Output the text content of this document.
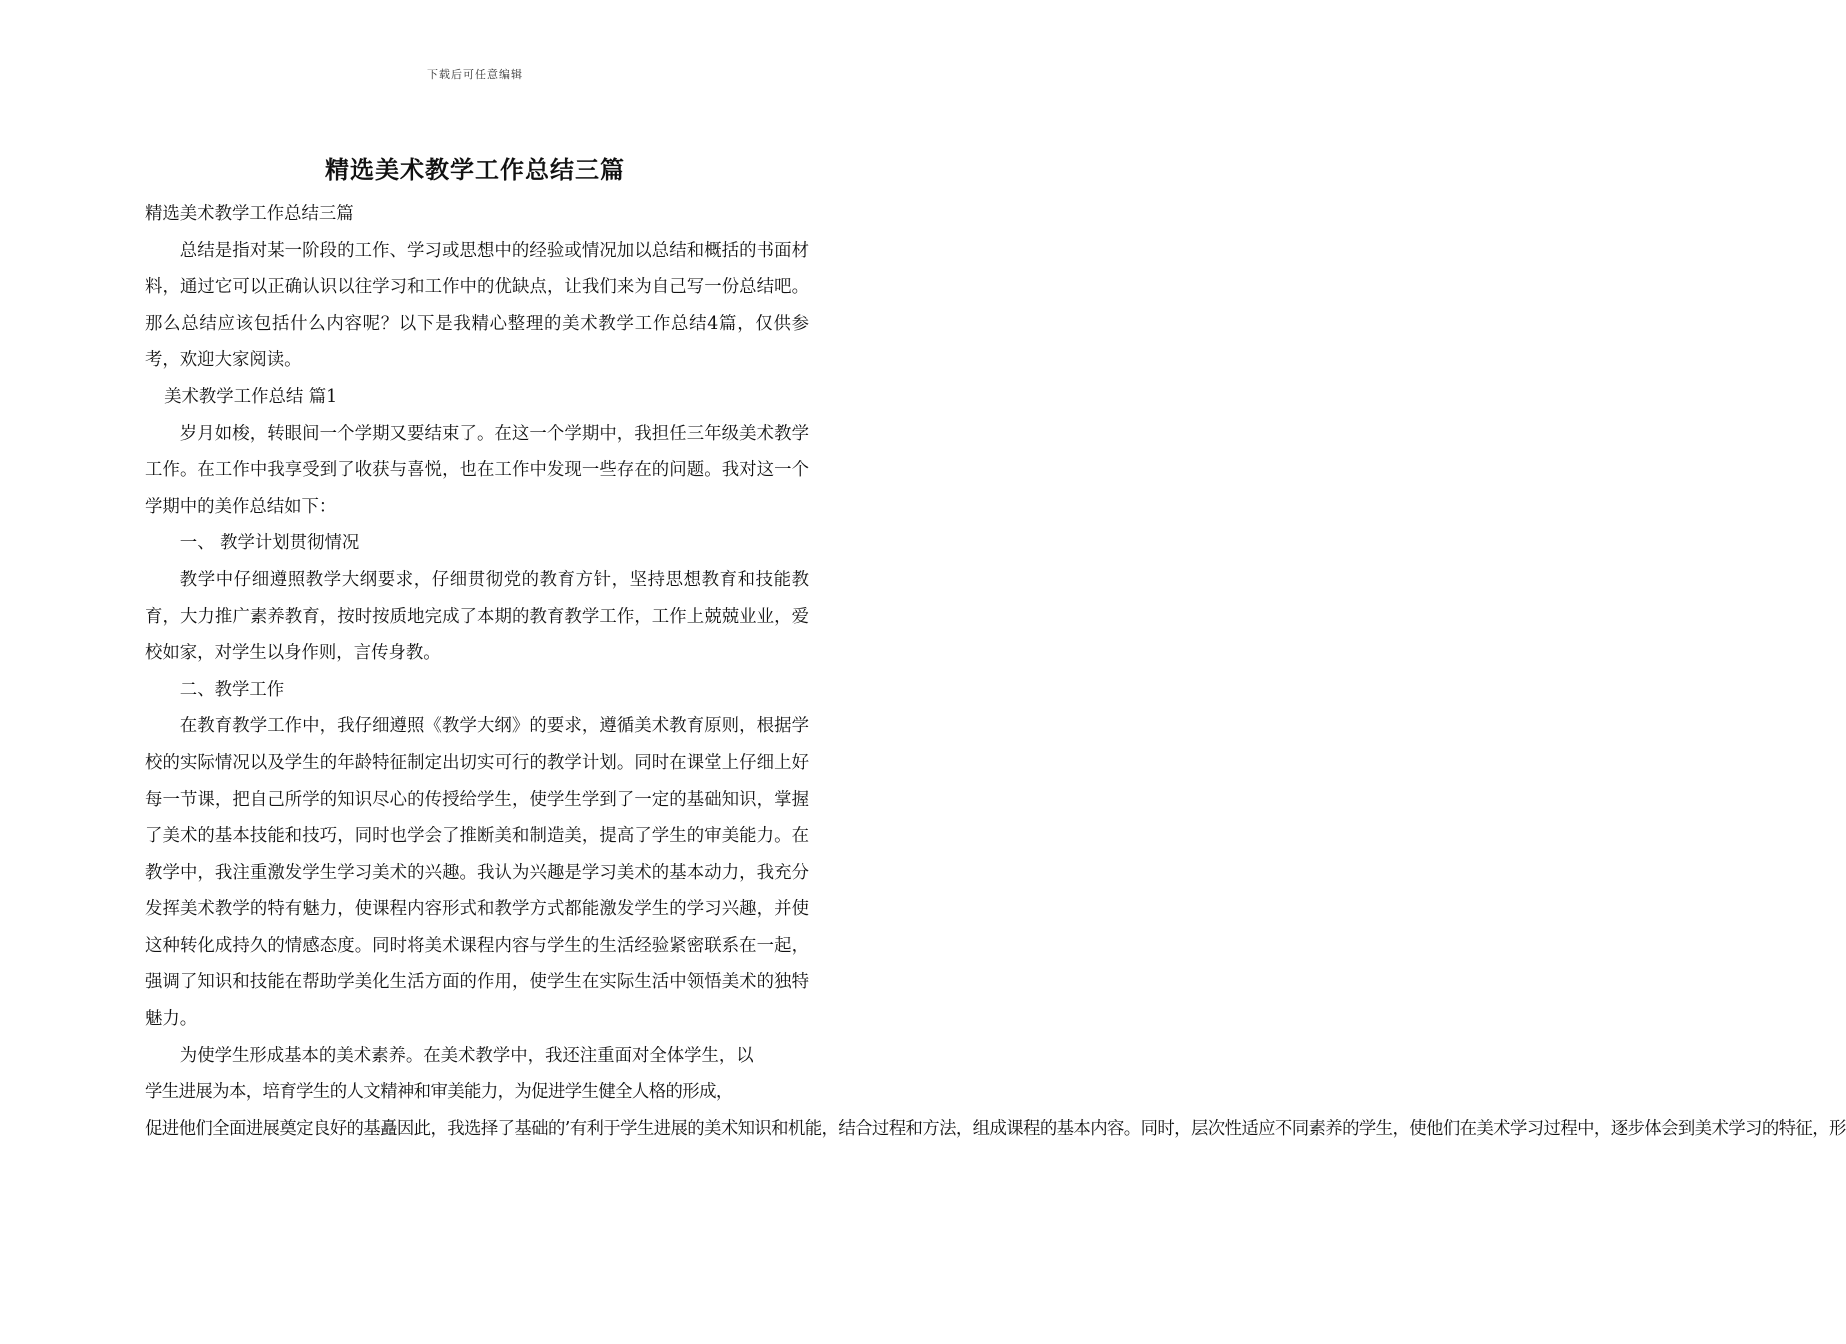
下载后可任意编辑
精选美术教学工作总结三篇

精选美术教学工作总结三篇

总结是指对某一阶段的工作、学习或思想中的经验或情况加以总结和概括的书面材料，通过它可以正确认识以往学习和工作中的优缺点，让我们来为自己写一份总结吧。那么总结应该包括什么内容呢？以下是我精心整理的美术教学工作总结4篇，仅供参考，欢迎大家阅读。

美术教学工作总结 篇1

岁月如梭，转眼间一个学期又要结束了。在这一个学期中，我担任三年级美术教学工作。在工作中我享受到了收获与喜悦，也在工作中发现一些存在的问题。我对这一个学期中的美作总结如下：

一、 教学计划贯彻情况

教学中仔细遵照教学大纲要求，仔细贯彻党的教育方针，坚持思想教育和技能教育，大力推广素养教育，按时按质地完成了本期的教育教学工作，工作上兢兢业业，爱校如家，对学生以身作则，言传身教。

二、教学工作

在教育教学工作中，我仔细遵照《教学大纲》的要求，遵循美术教育原则，根据学校的实际情况以及学生的年龄特征制定出切实可行的教学计划。同时在课堂上仔细上好每一节课，把自己所学的知识尽心的传授给学生，使学生学到了一定的基础知识，掌握了美术的基本技能和技巧，同时也学会了推断美和制造美，提高了学生的审美能力。在教学中，我注重激发学生学习美术的兴趣。我认为兴趣是学习美术的基本动力，我充分发挥美术教学的特有魅力，使课程内容形式和教学方式都能激发学生的学习兴趣，并使这种转化成持久的情感态度。同时将美术课程内容与学生的生活经验紧密联系在一起，强调了知识和技能在帮助学美化生活方面的作用，使学生在实际生活中领悟美术的独特魅力。

为使学生形成基本的美术素养。在美术教学中，我还注重面对全体学生，以

学生进展为本，培育学生的人文精神和审美能力，为促进学生健全人格的形成，

促进他们全面进展奠定良好的基矗因此，我选择了基础的’有利于学生进展的美术知识和机能，结合过程和方法，组成课程的基本内容。同时，层次性适应不同素养的学生，使他们在美术学习过程中，逐步体会到美术学习的特征，形
